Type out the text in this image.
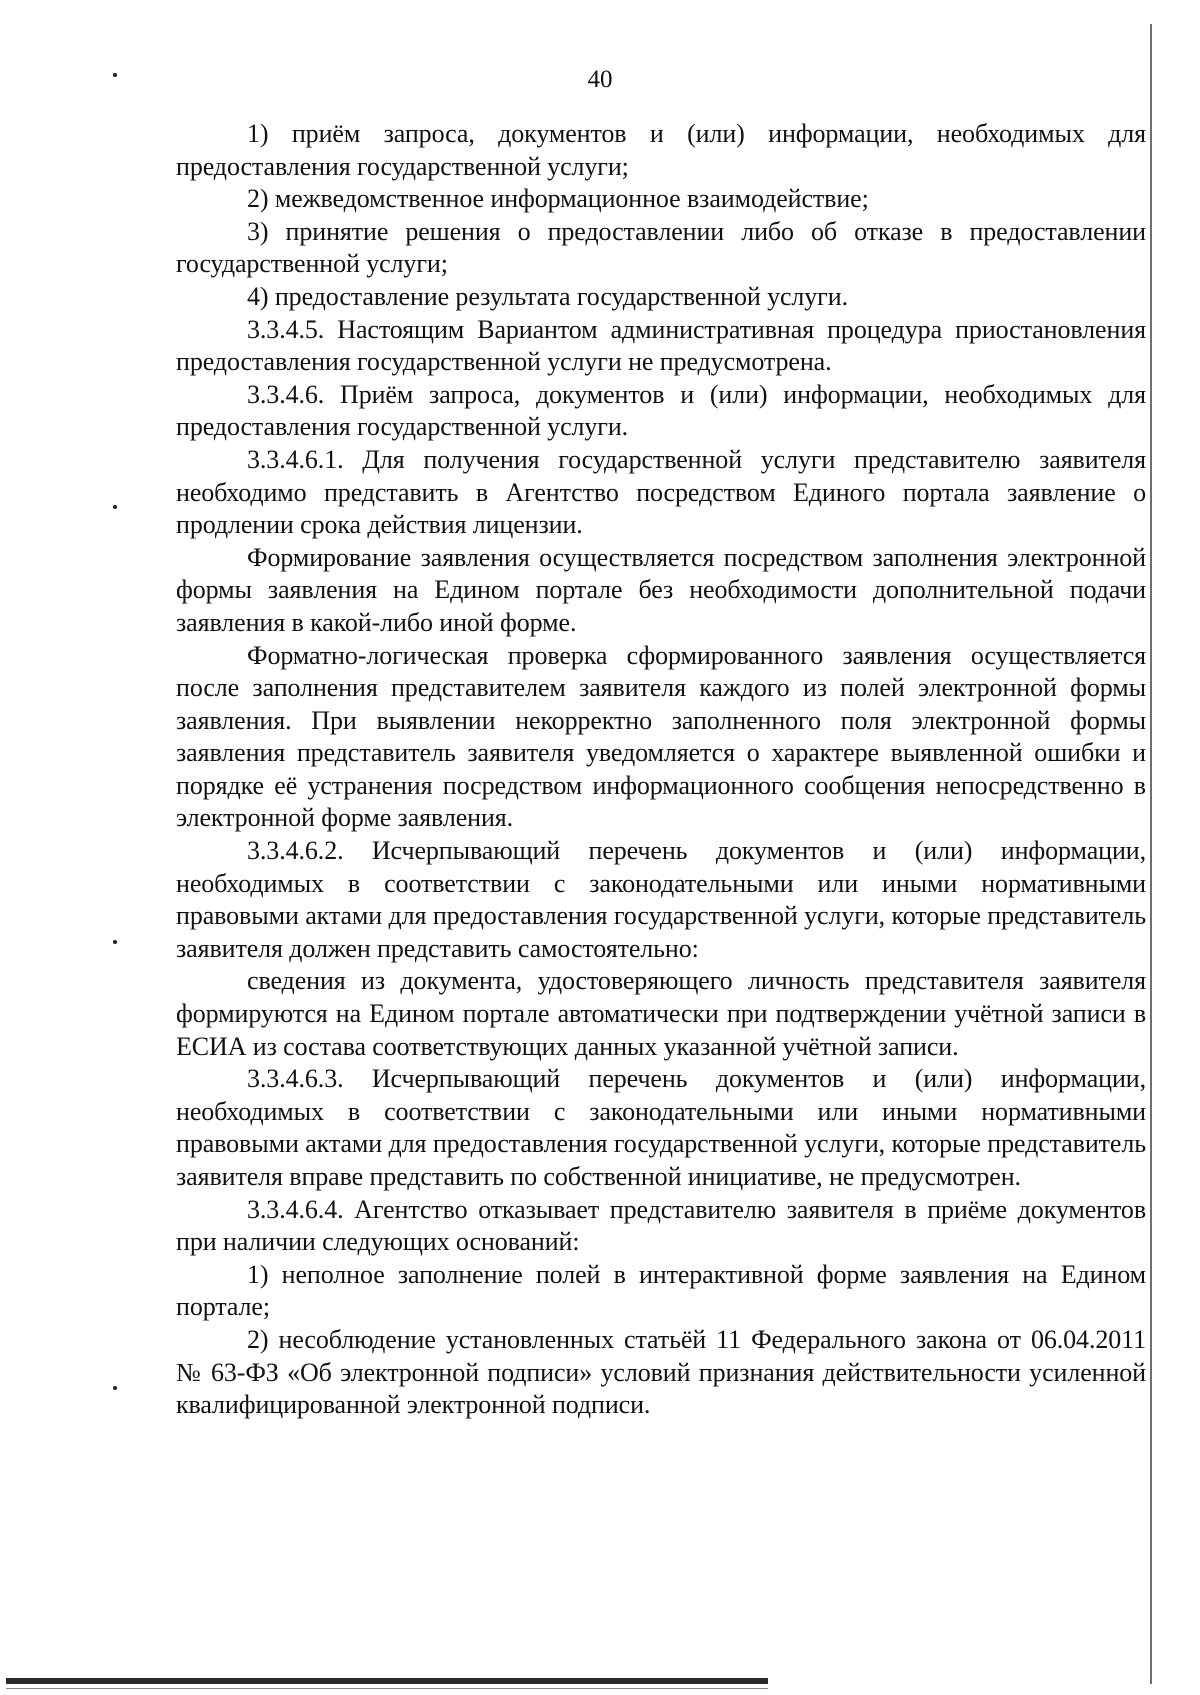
40

1) приём запроса, документов и (или) информации, необходимых для предоставления государственной услуги;

2) межведомственное информационное взаимодействие;

3) принятие решения о предоставлении либо об отказе в предоставлении государственной услуги;

4) предоставление результата государственной услуги.

3.3.4.5. Настоящим Вариантом административная процедура приостановления предоставления государственной услуги не предусмотрена.

3.3.4.6. Приём запроса, документов и (или) информации, необходимых для предоставления государственной услуги.

3.3.4.6.1. Для получения государственной услуги представителю заявителя необходимо представить в Агентство посредством Единого портала заявление о продлении срока действия лицензии.

Формирование заявления осуществляется посредством заполнения электронной формы заявления на Едином портале без необходимости дополнительной подачи заявления в какой-либо иной форме.

Форматно-логическая проверка сформированного заявления осуществляется после заполнения представителем заявителя каждого из полей электронной формы заявления. При выявлении некорректно заполненного поля электронной формы заявления представитель заявителя уведомляется о характере выявленной ошибки и порядке её устранения посредством информационного сообщения непосредственно в электронной форме заявления.

3.3.4.6.2. Исчерпывающий перечень документов и (или) информации, необходимых в соответствии с законодательными или иными нормативными правовыми актами для предоставления государственной услуги, которые представитель заявителя должен представить самостоятельно:

сведения из документа, удостоверяющего личность представителя заявителя формируются на Едином портале автоматически при подтверждении учётной записи в ЕСИА из состава соответствующих данных указанной учётной записи.

3.3.4.6.3. Исчерпывающий перечень документов и (или) информации, необходимых в соответствии с законодательными или иными нормативными правовыми актами для предоставления государственной услуги, которые представитель заявителя вправе представить по собственной инициативе, не предусмотрен.

3.3.4.6.4. Агентство отказывает представителю заявителя в приёме документов при наличии следующих оснований:

1) неполное заполнение полей в интерактивной форме заявления на Едином портале;

2) несоблюдение установленных статьёй 11 Федерального закона от 06.04.2011 № 63-ФЗ «Об электронной подписи» условий признания действительности усиленной квалифицированной электронной подписи.
